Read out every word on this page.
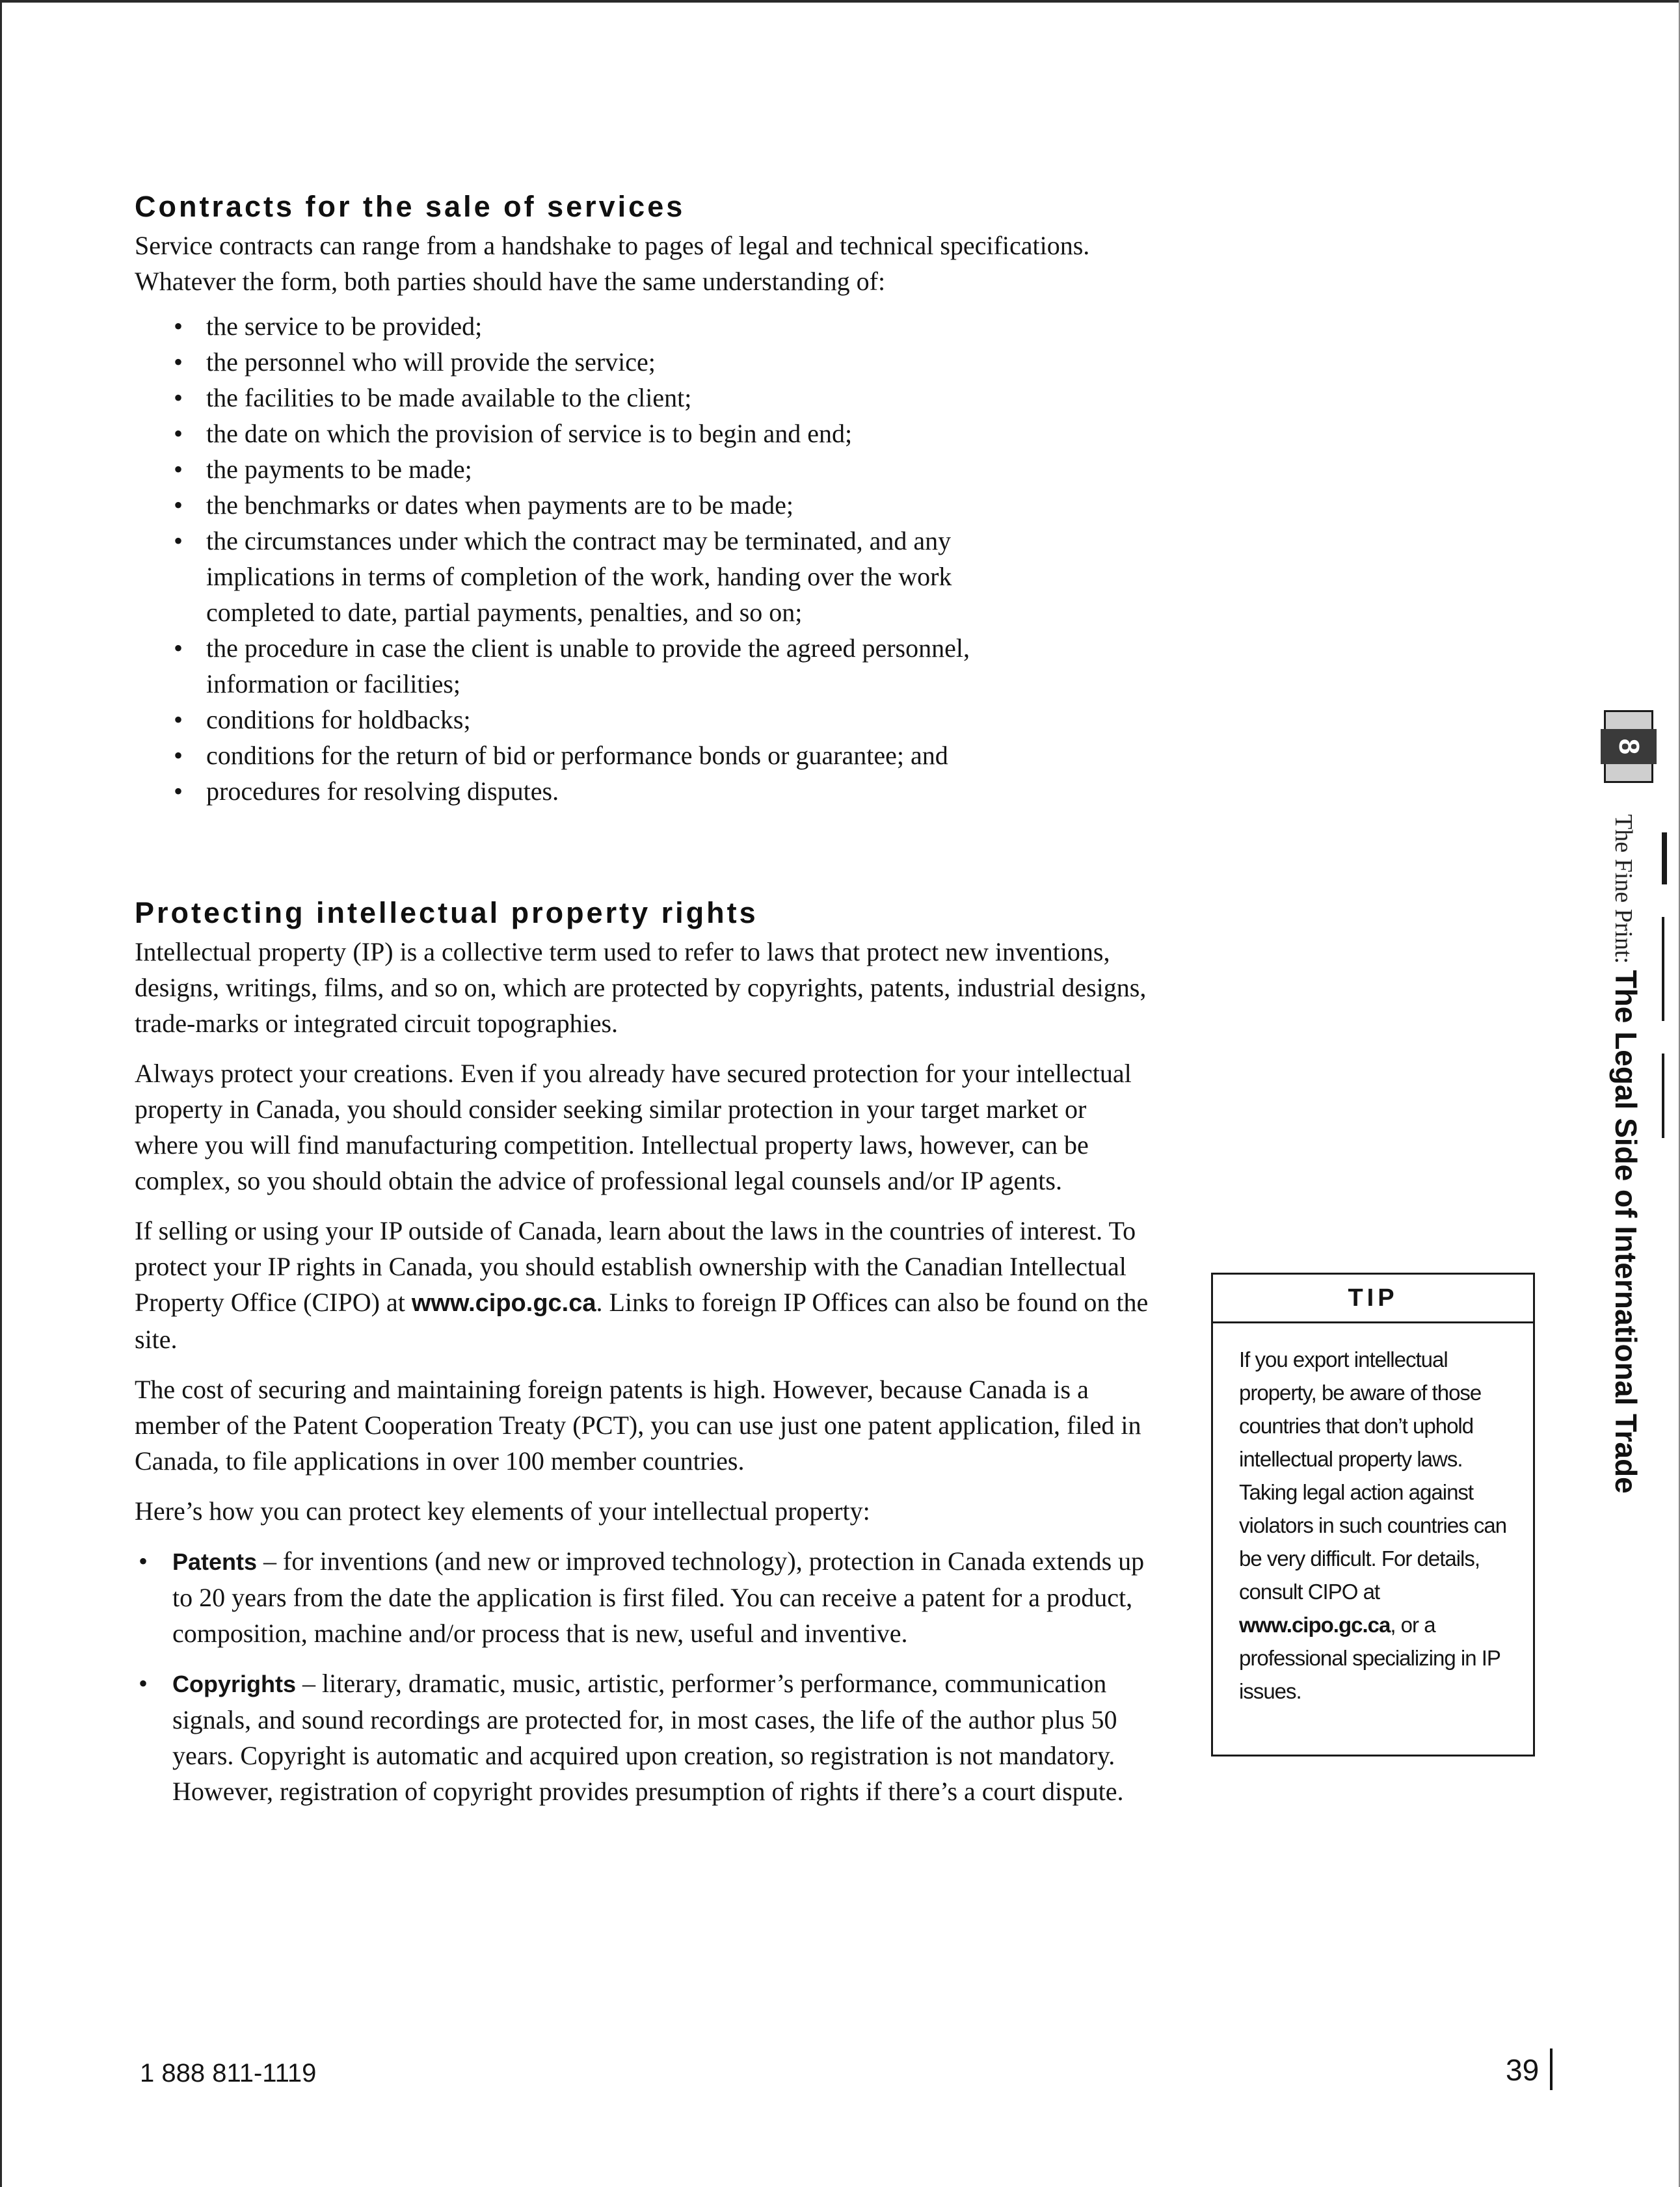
Contracts for the sale of services

Service contracts can range from a handshake to pages of legal and technical specifications.
Whatever the form, both parties should have the same understanding of:

• the service to be provided;
• the personnel who will provide the service;
• the facilities to be made available to the client;
• the date on which the provision of service is to begin and end;
• the payments to be made;
• the benchmarks or dates when payments are to be made;
• the circumstances under which the contract may be terminated, and any implications in terms of completion of the work, handing over the work completed to date, partial payments, penalties, and so on;
• the procedure in case the client is unable to provide the agreed personnel, information or facilities;
• conditions for holdbacks;
• conditions for the return of bid or performance bonds or guarantee; and
• procedures for resolving disputes.
Protecting intellectual property rights

Intellectual property (IP) is a collective term used to refer to laws that protect new inventions, designs, writings, films, and so on, which are protected by copyrights, patents, industrial designs, trade-marks or integrated circuit topographies.

Always protect your creations. Even if you already have secured protection for your intellectual property in Canada, you should consider seeking similar protection in your target market or where you will find manufacturing competition. Intellectual property laws, however, can be complex, so you should obtain the advice of professional legal counsels and/or IP agents.

If selling or using your IP outside of Canada, learn about the laws in the countries of interest. To protect your IP rights in Canada, you should establish ownership with the Canadian Intellectual Property Office (CIPO) at www.cipo.gc.ca. Links to foreign IP Offices can also be found on the site.

The cost of securing and maintaining foreign patents is high. However, because Canada is a member of the Patent Cooperation Treaty (PCT), you can use just one patent application, filed in Canada, to file applications in over 100 member countries.

Here’s how you can protect key elements of your intellectual property:

• Patents – for inventions (and new or improved technology), protection in Canada extends up to 20 years from the date the application is first filed. You can receive a patent for a product, composition, machine and/or process that is new, useful and inventive.
• Copyrights – literary, dramatic, music, artistic, performer’s performance, communication signals, and sound recordings are protected for, in most cases, the life of the author plus 50 years. Copyright is automatic and acquired upon creation, so registration is not mandatory. However, registration of copyright provides presumption of rights if there’s a court dispute.
TIP
If you export intellectual property, be aware of those countries that don’t uphold intellectual property laws. Taking legal action against violators in such countries can be very difficult. For details, consult CIPO at www.cipo.gc.ca, or a professional specializing in IP issues.
8
The Fine Print: The Legal Side of International Trade
1 888 811-1119	39
